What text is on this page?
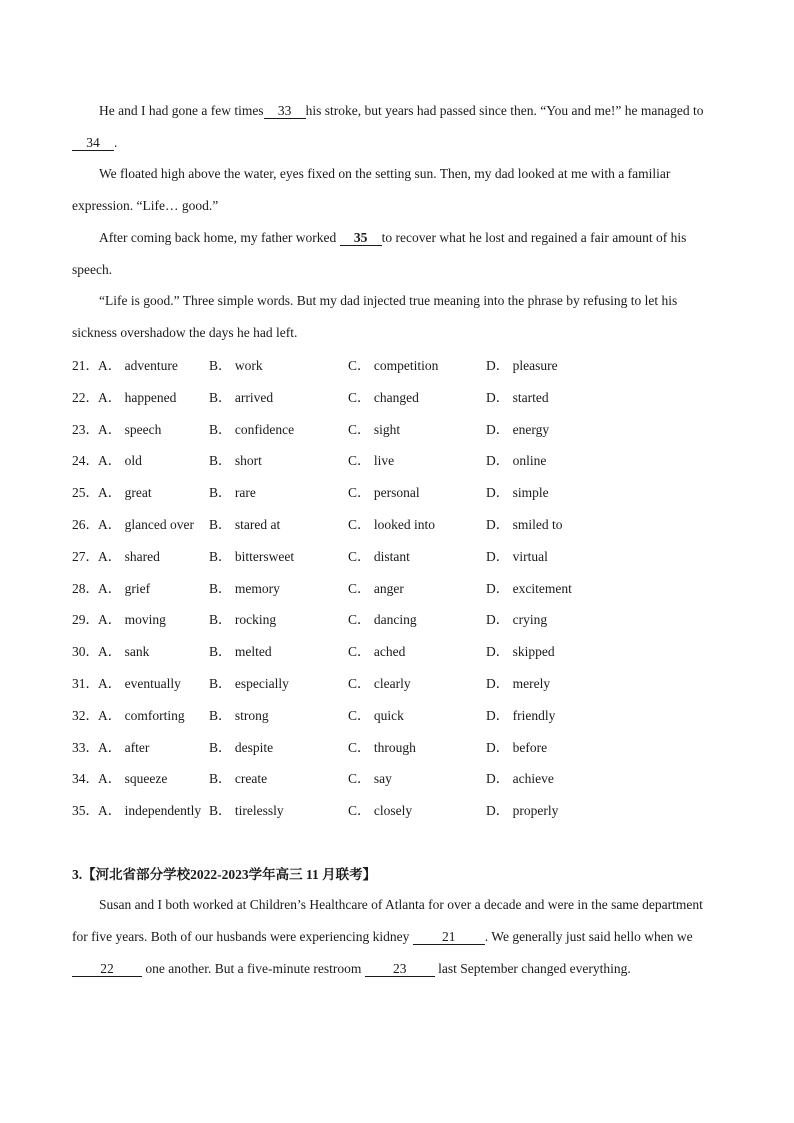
He and I had gone a few times 33 his stroke, but years had passed since then. “You and me!” he managed to34 .

We floated high above the water, eyes fixed on the setting sun. Then, my dad looked at me with a familiar expression. “Life… good.”

After coming back home, my father worked 35 to recover what he lost and regained a fair amount of his speech.

“Life is good.” Three simple words. But my dad injected true meaning into the phrase by refusing to let his sickness overshadow the days he had left.

21． A． adventure B． work	C． competition	D． pleasure
22． A． happened B． arrived	C． changed	D． started
23． A． speech	B． confidence	C． sight	D． energy
24． A． old	B． short	C． live	D． online
25． A． great	B． rare	C． personal	D． simple
26． A． glanced over B． stared at	C． looked into	D． smiled to
27． A． shared	B． bittersweet	C． distant	D． virtual
28． A． grief	B． memory	C． anger	D． excitement
29． A． moving	B． rocking	C． dancing	D． crying
30． A． sank	B． melted	C． ached	D． skipped
31． A． eventually B． especially	C． clearly	D． merely
32． A． comforting B． strong	C． quick	D． friendly
33． A． after	B． despite	C． through	D． before
34． A． squeeze	B． create	C． say	D． achieve
35． A． independently B． tirelessly	C． closely	D． properly
3.【河北省部分学校2022-2023学年高三 11 月联考】

Susan and I both worked at Children’s Healthcare of Atlanta for over a decade and were in the same department for five years. Both of our husbands were experiencing kidney 21 . We generally just said hello when we 22 one another. But a five-minute restroom 23 last September changed everything.
